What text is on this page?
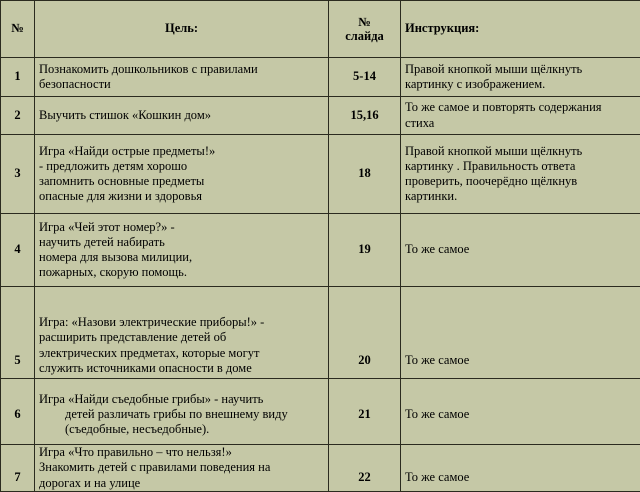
№	Цель:	№
слайда	Инструкция:
1	Познакомить дошкольников с правилами
безопасности	5-14	Правой кнопкой мыши щёлкнуть
картинку с изображением.

2	Выучить стишок «Кошкин дом»	15,16	То же самое и повторять содержания
стиха

3	Игра «Найди острые предметы!»
- предложить детям хорошо
запомнить основные предметы
опасные для жизни и здоровья	18	Правой кнопкой мыши щёлкнуть
картинку . Правильность ответа
проверить, поочерёдно щёлкнув
картинки.

4	Игра «Чей этот номер?» -
научить детей набирать
номера для вызова милиции,
пожарных, скорую помощь.	19	То же самое

5	Игра: «Назови электрические приборы!» -
расширить представление детей об
электрических предметах, которые могут
служить источниками опасности в доме	20	То же самое

6	Игра «Найди съедобные грибы» - научить
детей различать грибы по внешнему виду
(съедобные, несъедобные).	21	То же самое

7	Игра «Что правильно – что нельзя!»
Знакомить детей с правилами поведения на
дорогах и на улице	22	То же самое
